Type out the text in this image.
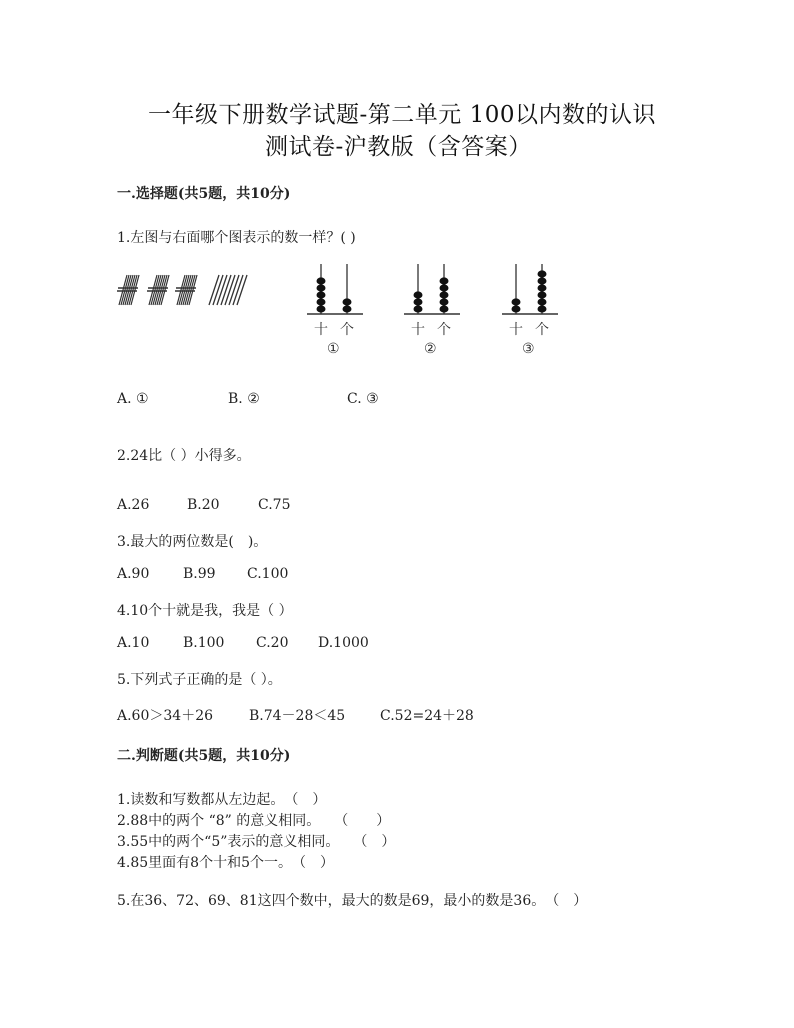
一年级下册数学试题-第二单元 100以内数的认识
测试卷-沪教版（含答案）
一.选择题(共5题，共10分)
1.左图与右面哪个图表示的数一样？( )
十 个
①
十 个
②
十 个
③
A. ①	B. ②	C. ③
2.24比（ ）小得多。
A.26	B.20	C.75
3.最大的两位数是(　)。
A.90 B.99 C.100
4.10个十就是我，我是（ ）
A.10 B.100 C.20 D.1000
5.下列式子正确的是（ ）。
A.60＞34＋26	B.74－28＜45 C.52=24＋28
二.判断题(共5题，共10分)
1.读数和写数都从左边起。　（　）
2.88中的两个 “8” 的意义相同。　　（　　）
3.55中的两个“5”表示的意义相同。　　（　）
4.85里面有8个十和5个一。　（　）
5.在36、72、69、81这四个数中，最大的数是69，最小的数是36。　（　）
